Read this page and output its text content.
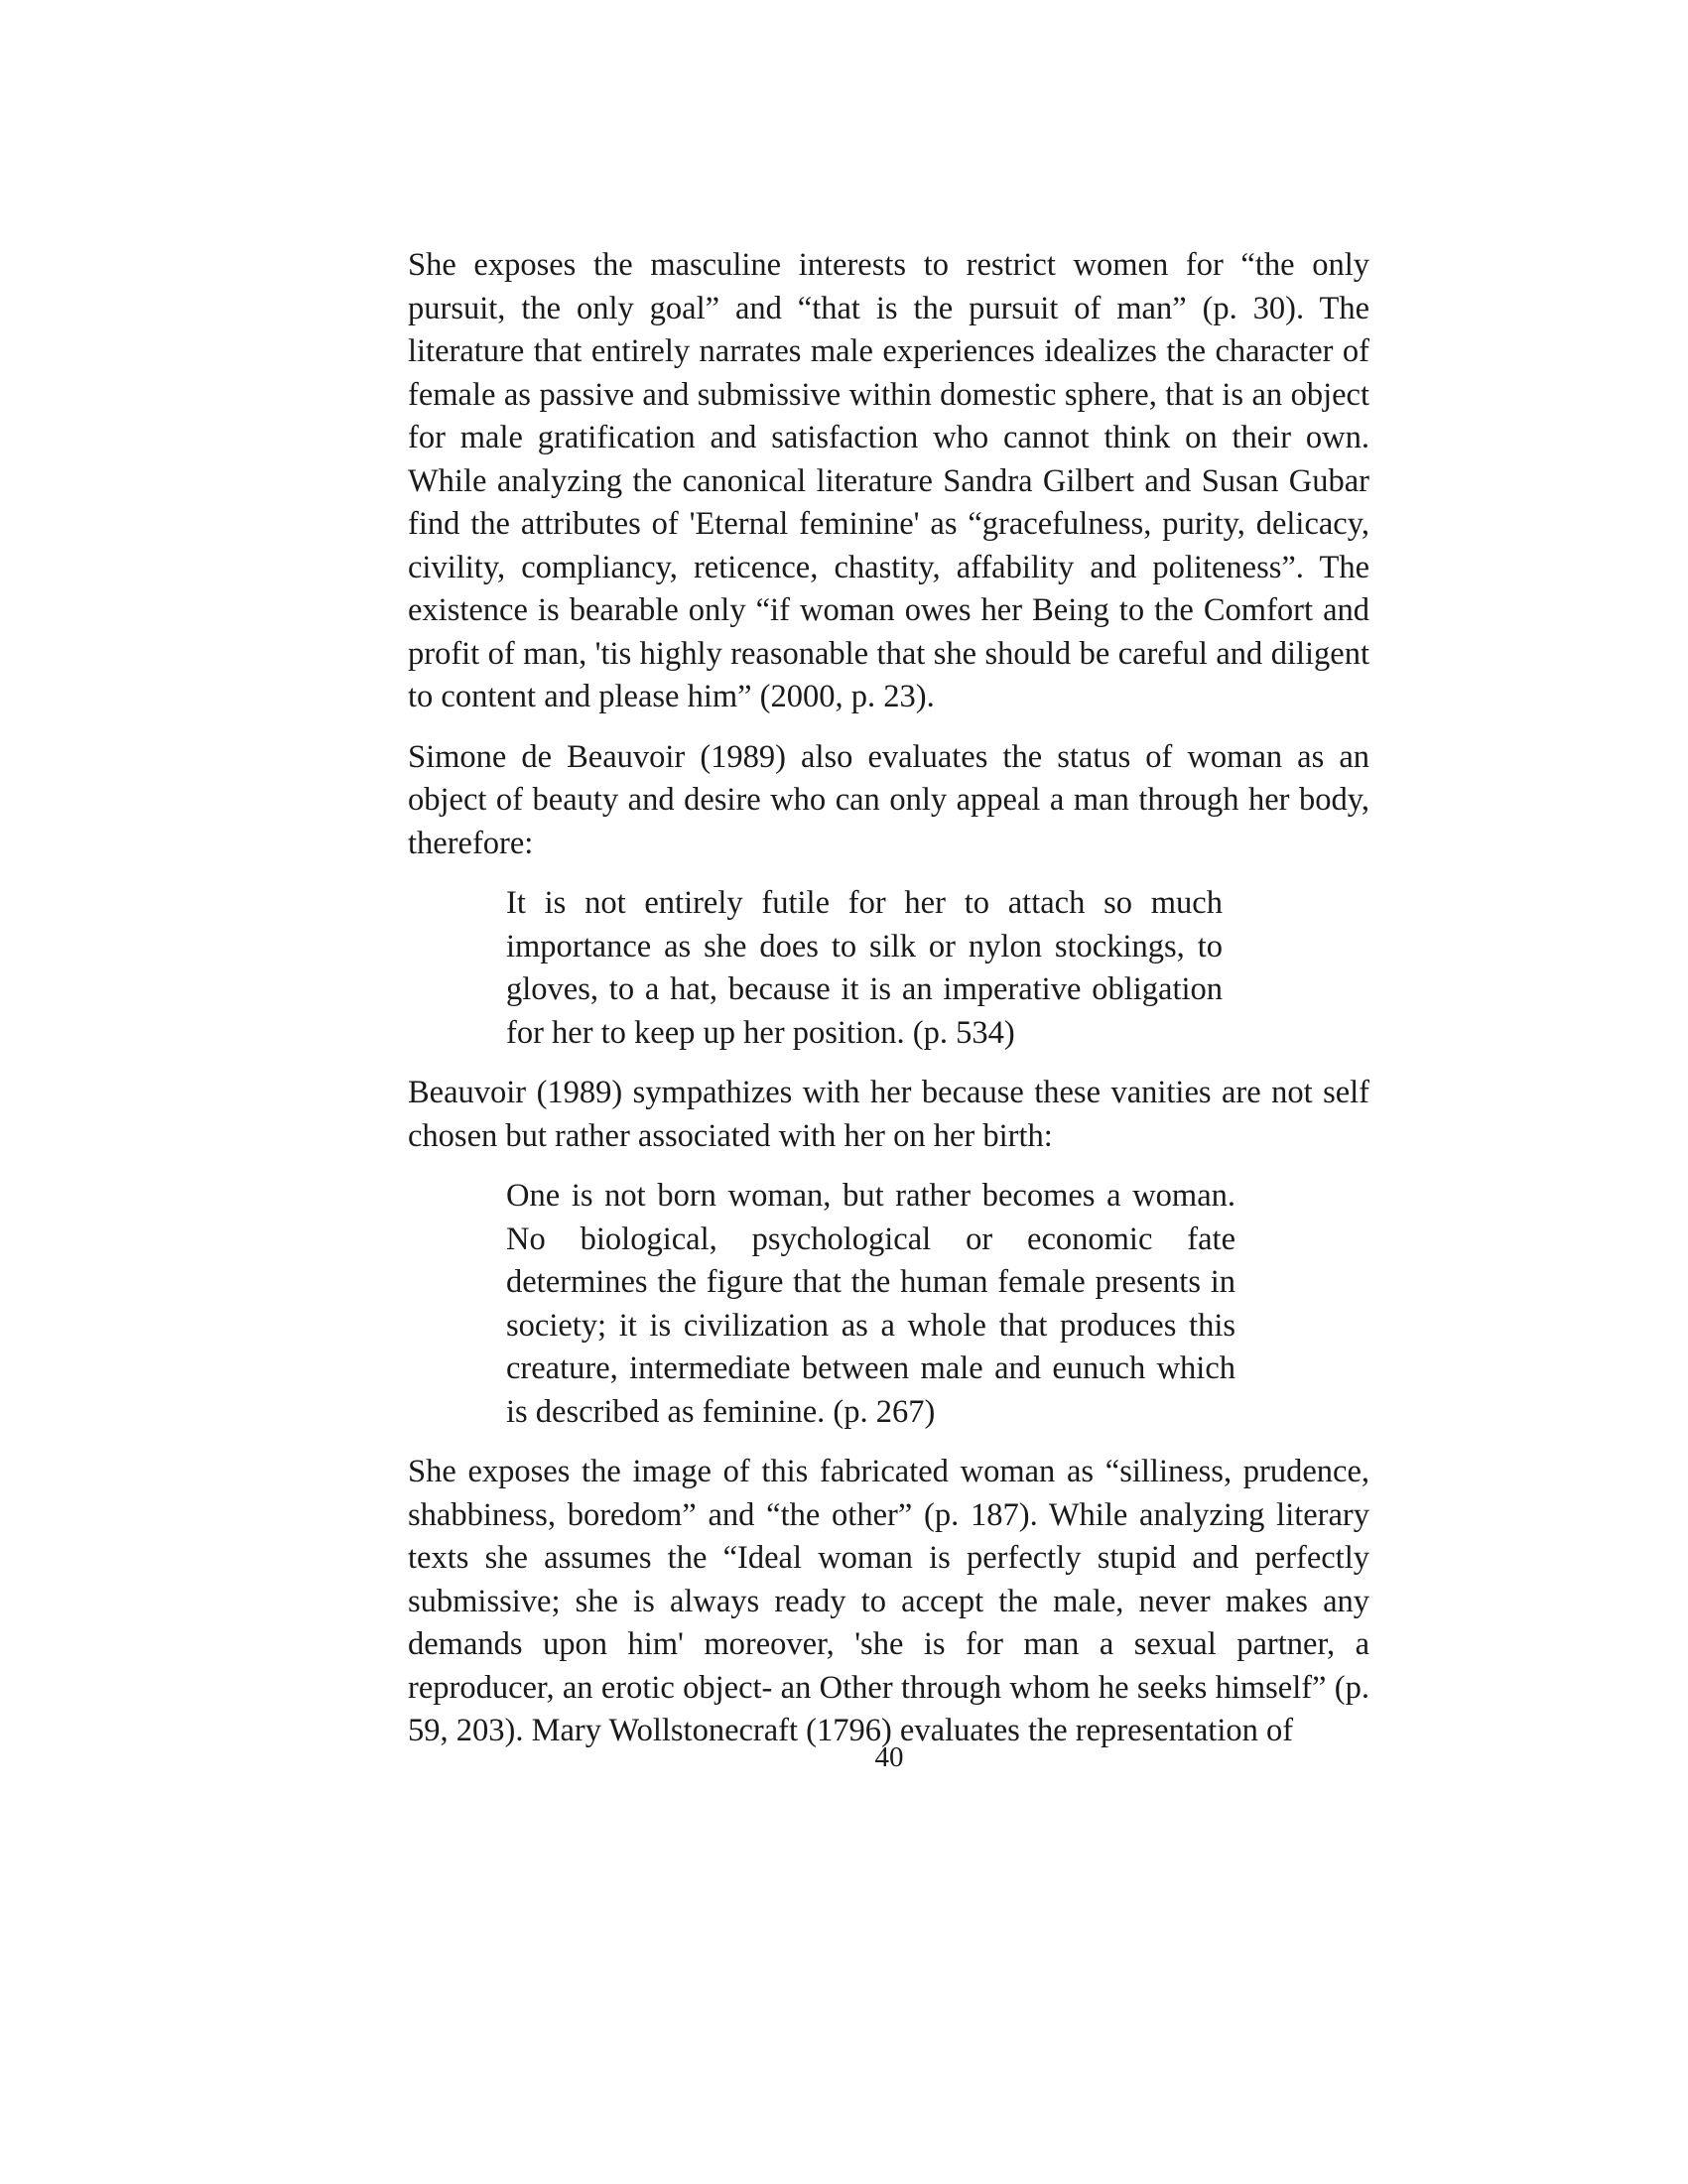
She exposes the masculine interests to restrict women for “the only pursuit, the only goal” and “that is the pursuit of man” (p. 30). The literature that entirely narrates male experiences idealizes the character of female as passive and submissive within domestic sphere, that is an object for male gratification and satisfaction who cannot think on their own. While analyzing the canonical literature Sandra Gilbert and Susan Gubar find the attributes of 'Eternal feminine' as “gracefulness, purity, delicacy, civility, compliancy, reticence, chastity, affability and politeness”. The existence is bearable only “if woman owes her Being to the Comfort and profit of man, 'tis highly reasonable that she should be careful and diligent to content and please him” (2000, p. 23).

Simone de Beauvoir (1989) also evaluates the status of woman as an object of beauty and desire who can only appeal a man through her body, therefore:

It is not entirely futile for her to attach so much importance as she does to silk or nylon stockings, to gloves, to a hat, because it is an imperative obligation for her to keep up her position. (p. 534)

Beauvoir (1989) sympathizes with her because these vanities are not self chosen but rather associated with her on her birth:

One is not born woman, but rather becomes a woman. No biological, psychological or economic fate determines the figure that the human female presents in society; it is civilization as a whole that produces this creature, intermediate between male and eunuch which is described as feminine. (p. 267)

She exposes the image of this fabricated woman as “silliness, prudence, shabbiness, boredom” and “the other” (p. 187). While analyzing literary texts she assumes the “Ideal woman is perfectly stupid and perfectly submissive; she is always ready to accept the male, never makes any demands upon him' moreover, 'she is for man a sexual partner, a reproducer, an erotic object- an Other through whom he seeks himself” (p. 59, 203). Mary Wollstonecraft (1796) evaluates the representation of

40
